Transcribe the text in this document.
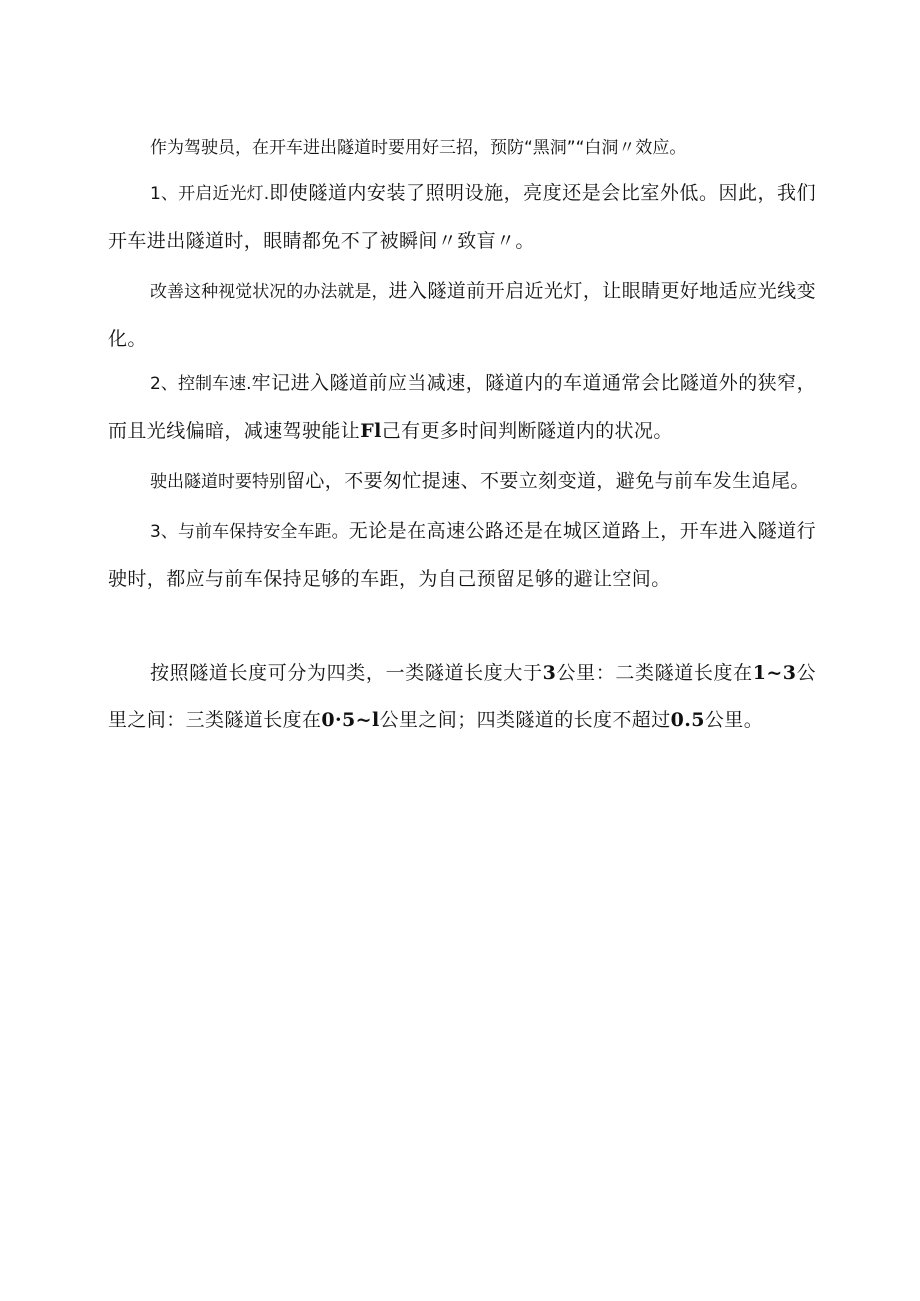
作为驾驶员，在开车进出隧道时要用好三招，预防“黑洞”“白洞〃效应。

1、开启近光灯.即使隧道内安装了照明设施，亮度还是会比室外低。因此，我们开车进出隧道时，眼睛都免不了被瞬间〃致盲〃。

改善这种视觉状况的办法就是，进入隧道前开启近光灯，让眼睛更好地适应光线变化。

2、控制车速.牢记进入隧道前应当减速，隧道内的车道通常会比隧道外的狭窄，而且光线偏暗，减速驾驶能让Fl己有更多时间判断隧道内的状况。

驶出隧道时要特别留心，不要匆忙提速、不要立刻变道，避免与前车发生追尾。

3、与前车保持安全车距。无论是在高速公路还是在城区道路上，开车进入隧道行驶时，都应与前车保持足够的车距，为自己预留足够的避让空间。

按照隧道长度可分为四类，一类隧道长度大于3公里：二类隧道长度在1~3公里之间：三类隧道长度在0·5~l公里之间；四类隧道的长度不超过0.5公里。
